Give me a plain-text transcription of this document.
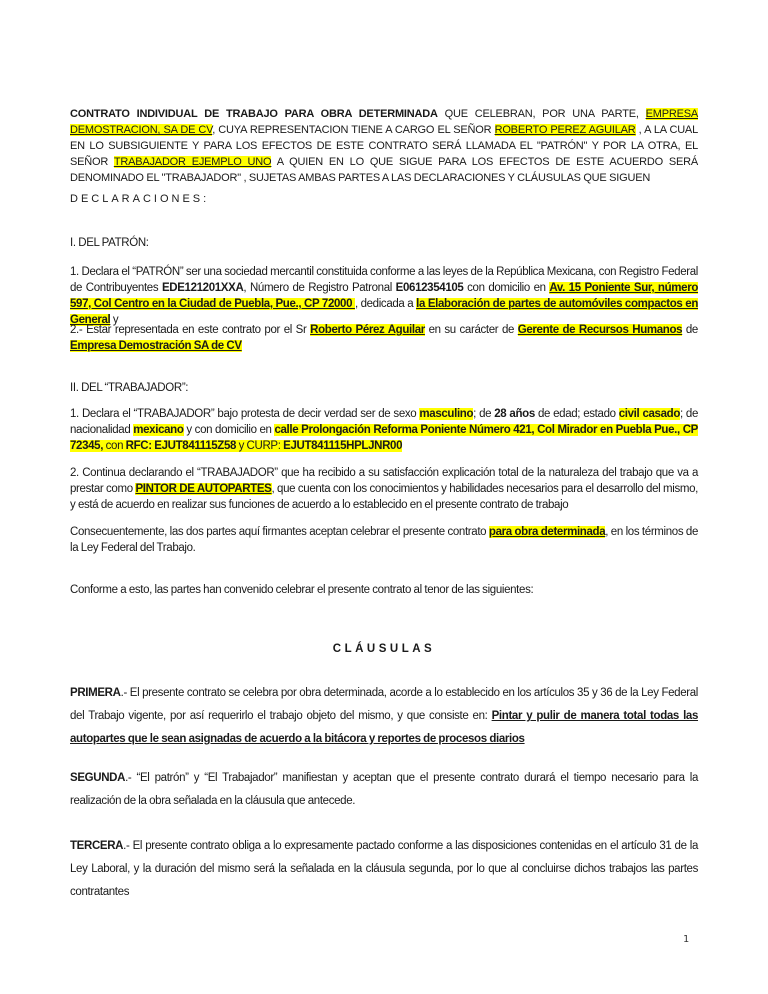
CONTRATO INDIVIDUAL DE TRABAJO PARA OBRA DETERMINADA QUE CELEBRAN, POR UNA PARTE, EMPRESA DEMOSTRACION, SA DE CV, CUYA REPRESENTACION TIENE A CARGO EL SEÑOR ROBERTO PEREZ AGUILAR , A LA CUAL EN LO SUBSIGUIENTE Y PARA LOS EFECTOS DE ESTE CONTRATO SERÁ LLAMADA EL "PATRÓN" Y POR LA OTRA, EL SEÑOR TRABAJADOR EJEMPLO UNO A QUIEN EN LO QUE SIGUE PARA LOS EFECTOS DE ESTE ACUERDO SERÁ DENOMINADO EL "TRABAJADOR" , SUJETAS AMBAS PARTES A LAS DECLARACIONES Y CLÁUSULAS QUE SIGUEN
DECLARACIONES:
I. DEL PATRÓN:
1. Declara el “PATRÓN” ser una sociedad mercantil constituida conforme a las leyes de la República Mexicana, con Registro Federal de Contribuyentes EDE121201XXA, Número de Registro Patronal E0612354105 con domicilio en Av. 15 Poniente Sur, número 597, Col Centro en la Ciudad de Puebla, Pue., CP 72000 , dedicada a la Elaboración de partes de automóviles compactos en General y
2.- Estar representada en este contrato por el Sr Roberto Pérez Aguilar en su carácter de Gerente de Recursos Humanos de Empresa Demostración SA de CV
II. DEL “TRABAJADOR”:
1. Declara el “TRABAJADOR” bajo protesta de decir verdad ser de sexo masculino; de 28 años de edad; estado civil casado; de nacionalidad mexicano y con domicilio en calle Prolongación Reforma Poniente Número 421, Col Mirador en Puebla Pue., CP 72345, con RFC: EJUT841115Z58 y CURP: EJUT841115HPLJNR00
2. Continua declarando el “TRABAJADOR” que ha recibido a su satisfacción explicación total de la naturaleza del trabajo que va a prestar como PINTOR DE AUTOPARTES, que cuenta con los conocimientos y habilidades necesarios para el desarrollo del mismo, y está de acuerdo en realizar sus funciones de acuerdo a lo establecido en el presente contrato de trabajo
Consecuentemente, las dos partes aquí firmantes aceptan celebrar el presente contrato para obra determinada, en los términos de la Ley Federal del Trabajo.
Conforme a esto, las partes han convenido celebrar el presente contrato al tenor de las siguientes:
CLÁUSULAS
PRIMERA.- El presente contrato se celebra por obra determinada, acorde a lo establecido en los artículos 35 y 36 de la Ley Federal del Trabajo vigente, por así requerirlo el trabajo objeto del mismo, y que consiste en: Pintar y pulir de manera total todas las autopartes que le sean asignadas de acuerdo a la bitácora y reportes de procesos diarios
SEGUNDA.- “El patrón” y “El Trabajador” manifiestan y aceptan que el presente contrato durará el tiempo necesario para la realización de la obra señalada en la cláusula que antecede.
TERCERA.- El presente contrato obliga a lo expresamente pactado conforme a las disposiciones contenidas en el artículo 31 de la Ley Laboral, y la duración del mismo será la señalada en la cláusula segunda, por lo que al concluirse dichos trabajos las partes contratantes
1
